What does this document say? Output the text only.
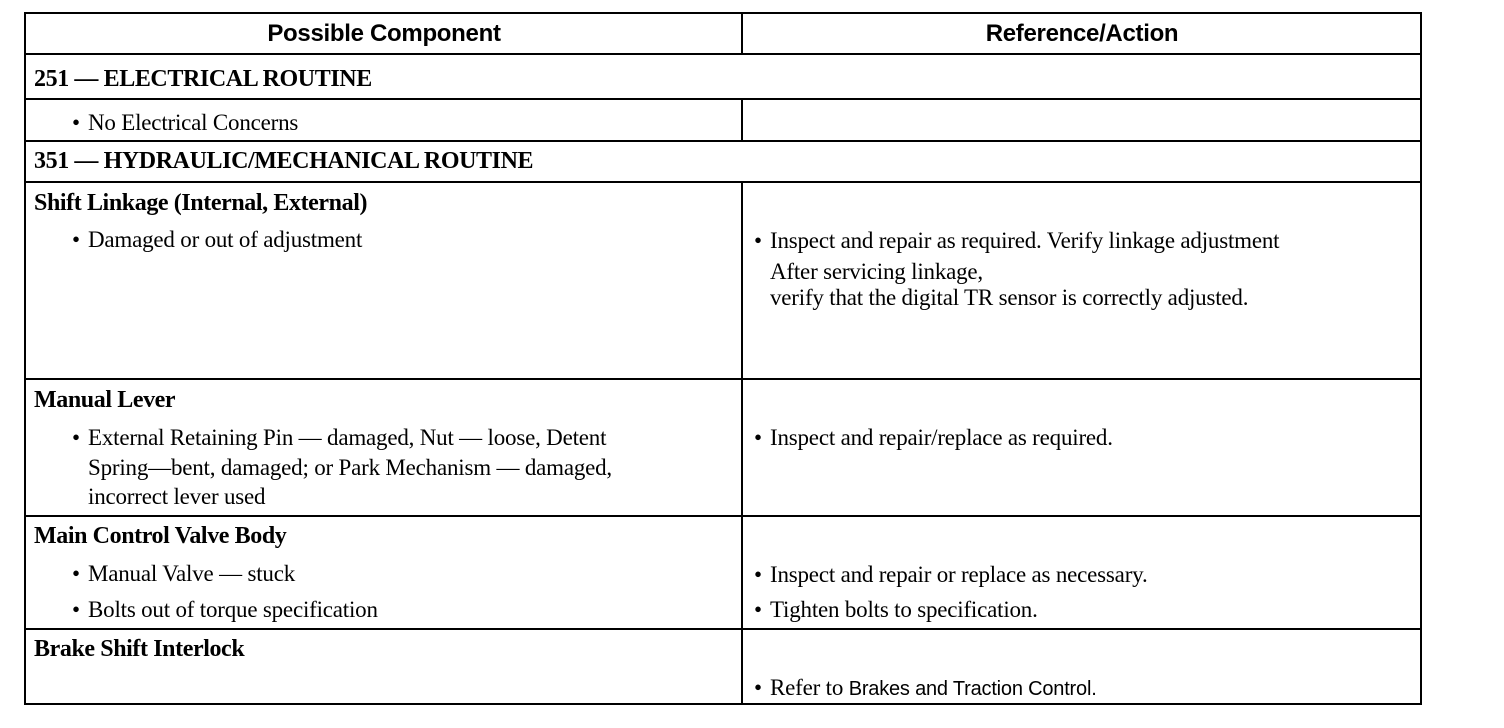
Possible Component	Reference/Action
251 — ELECTRICAL ROUTINE
• No Electrical Concerns
351 — HYDRAULIC/MECHANICAL ROUTINE
Shift Linkage (Internal, External)
• Damaged or out of adjustment	• Inspect and repair as required. Verify linkage adjustment
After servicing linkage,
verify that the digital TR sensor is correctly adjusted.
Manual Lever
• External Retaining Pin — damaged, Nut — loose, Detent
Spring—bent, damaged; or Park Mechanism — damaged,
incorrect lever used
• Inspect and repair/replace as required.
Main Control Valve Body
• Manual Valve — stuck
• Bolts out of torque specification
• Inspect and repair or replace as necessary.
• Tighten bolts to specification.
Brake Shift Interlock
• Refer to Brakes and Traction Control.
